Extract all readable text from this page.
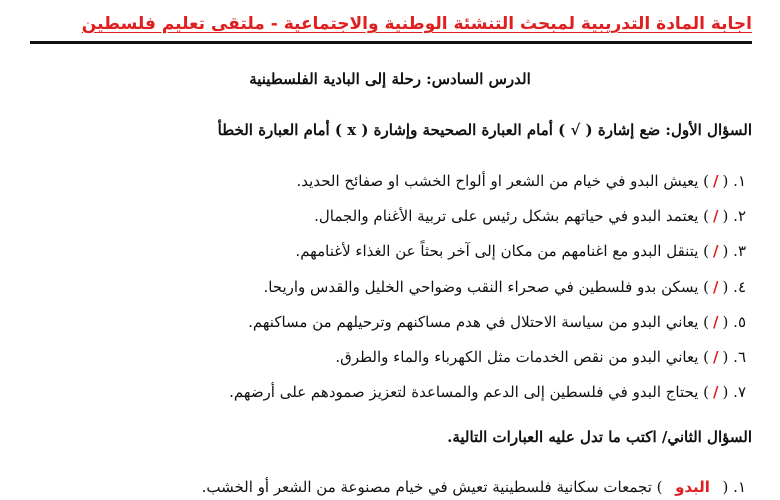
اجابة المادة التدريبية لمبحث التنشئة الوطنية والاجتماعية - ملتقى تعليم فلسطين
الدرس السادس: رحلة إلى البادية الفلسطينية
السؤال الأول: ضع إشارة ( √ ) أمام العبارة الصحيحة وإشارة ( x ) أمام العبارة الخطأ
١. (/) يعيش البدو في خيام من الشعر او ألواح الخشب او صفائح الحديد.
٢. (/) يعتمد البدو في حياتهم بشكل رئيس على تربية الأغنام والجمال.
٣. (/) يتنقل البدو مع اغنامهم من مكان إلى آخر بحثاً عن الغذاء لأغنامهم.
٤. (/) يسكن بدو فلسطين في صحراء النقب وضواحي الخليل والقدس واريحا.
٥. (/) يعاني البدو من سياسة الاحتلال في هدم مساكنهم وترحيلهم من مساكنهم.
٦. (/) يعاني البدو من نقص الخدمات مثل الكهرباء والماء والطرق.
٧. (/) يحتاج البدو في فلسطين إلى الدعم والمساعدة لتعزيز صمودهم على أرضهم.
السؤال الثاني/ اكتب ما تدل عليه العبارات التالية.
١. (البدو) تجمعات سكانية فلسطينية تعيش في خيام مصنوعة من الشعر أو الخشب.
